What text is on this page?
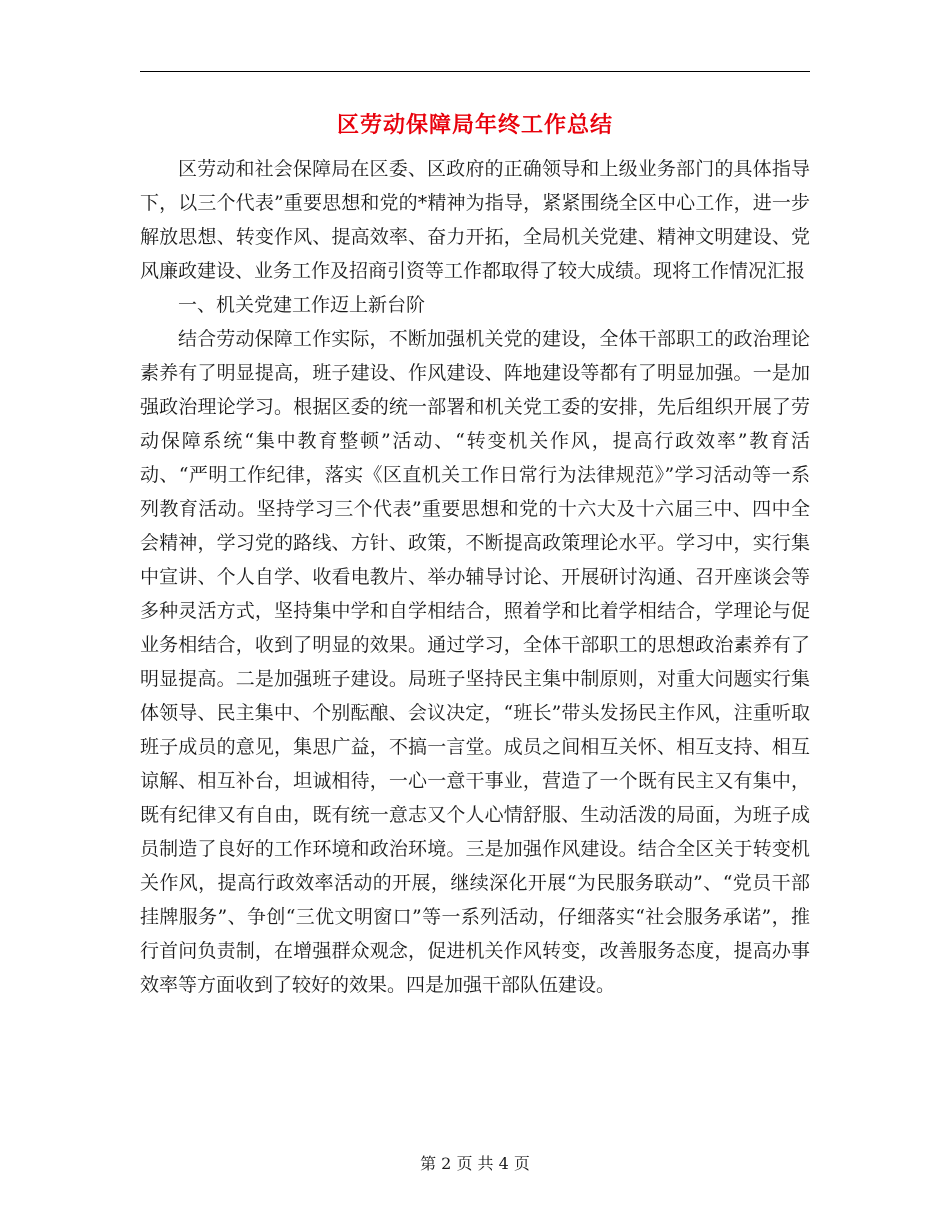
区劳动保障局年终工作总结

区劳动和社会保障局在区委、区政府的正确领导和上级业务部门的具体指导下，以三个代表”重要思想和党的*精神为指导，紧紧围绕全区中心工作，进一步解放思想、转变作风、提高效率、奋力开拓，全局机关党建、精神文明建设、党风廉政建设、业务工作及招商引资等工作都取得了较大成绩。现将工作情况汇报

一、机关党建工作迈上新台阶

结合劳动保障工作实际，不断加强机关党的建设，全体干部职工的政治理论素养有了明显提高，班子建设、作风建设、阵地建设等都有了明显加强。一是加强政治理论学习。根据区委的统一部署和机关党工委的安排，先后组织开展了劳动保障系统“集中教育整顿”活动、“转变机关作风，提高行政效率”教育活动、“严明工作纪律，落实《区直机关工作日常行为法律规范》”学习活动等一系列教育活动。坚持学习三个代表”重要思想和党的十六大及十六届三中、四中全会精神，学习党的路线、方针、政策，不断提高政策理论水平。学习中，实行集中宣讲、个人自学、收看电教片、举办辅导讨论、开展研讨沟通、召开座谈会等多种灵活方式，坚持集中学和自学相结合，照着学和比着学相结合，学理论与促业务相结合，收到了明显的效果。通过学习，全体干部职工的思想政治素养有了明显提高。二是加强班子建设。局班子坚持民主集中制原则，对重大问题实行集体领导、民主集中、个别酝酿、会议决定，“班长”带头发扬民主作风，注重听取班子成员的意见，集思广益，不搞一言堂。成员之间相互关怀、相互支持、相互谅解、相互补台，坦诚相待，一心一意干事业，营造了一个既有民主又有集中，既有纪律又有自由，既有统一意志又个人心情舒服、生动活泼的局面，为班子成员制造了良好的工作环境和政治环境。三是加强作风建设。结合全区关于转变机关作风，提高行政效率活动的开展，继续深化开展“为民服务联动”、“党员干部挂牌服务”、争创“三优文明窗口”等一系列活动，仔细落实“社会服务承诺”，推行首问负责制，在增强群众观念，促进机关作风转变，改善服务态度，提高办事效率等方面收到了较好的效果。四是加强干部队伍建设。

第 2 页 共 4 页
